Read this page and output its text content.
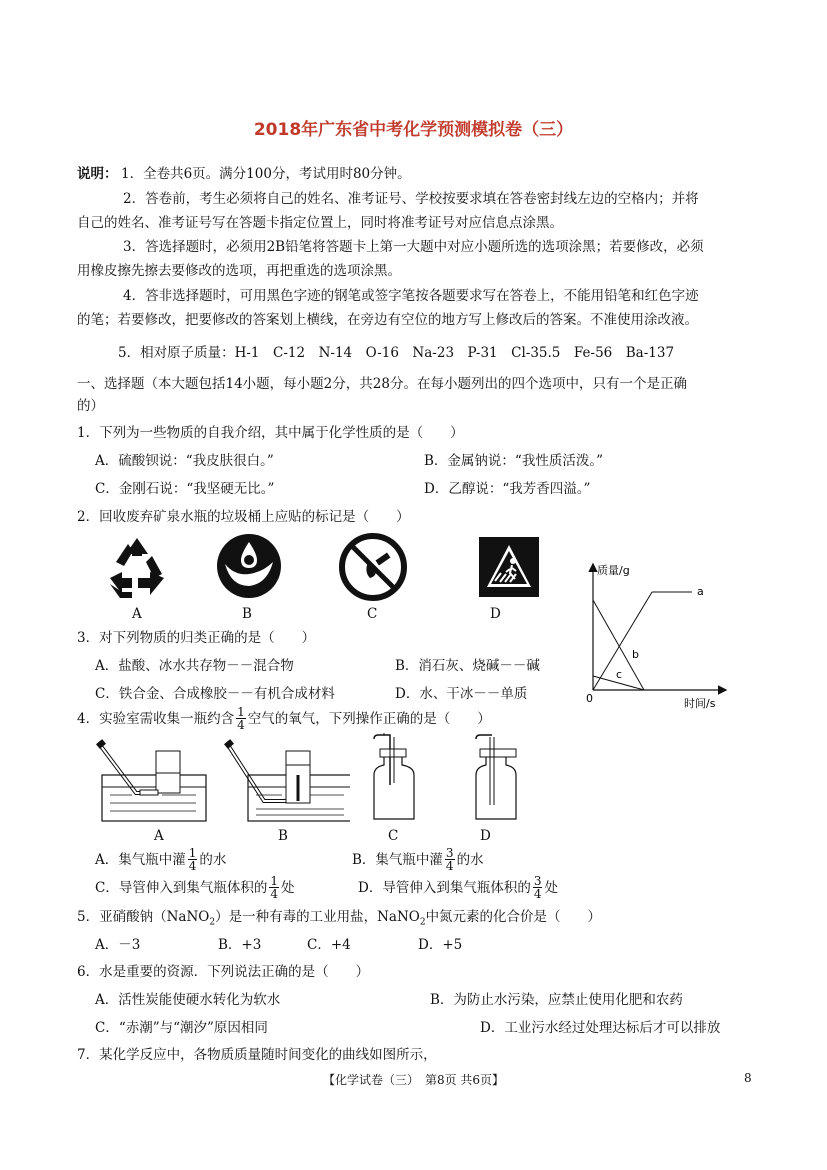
2018年广东省中考化学预测模拟卷（三）
说明： 1．全卷共6页。满分100分，考试用时80分钟。
2．答卷前，考生必须将自己的姓名、准考证号、学校按要求填在答卷密封线左边的空格内；并将
自己的姓名、准考证号写在答题卡指定位置上，同时将准考证号对应信息点涂黑。
3．答选择题时，必须用2B铅笔将答题卡上第一大题中对应小题所选的选项涂黑；若要修改，必须
用橡皮擦先擦去要修改的选项，再把重选的选项涂黑。
4．答非选择题时，可用黑色字迹的钢笔或签字笔按各题要求写在答卷上，不能用铅笔和红色字迹
的笔；若要修改，把要修改的答案划上横线，在旁边有空位的地方写上修改后的答案。不准使用涂改液。
5．相对原子质量：H-1　C-12　N-14　O-16　Na-23　P-31　Cl-35.5　Fe-56　Ba-137
一、选择题（本大题包括14小题，每小题2分，共28分。在每小题列出的四个选项中，只有一个是正确
的）
1．下列为一些物质的自我介绍，其中属于化学性质的是（　　）
A．硫酸钡说：“我皮肤很白。”	B．金属钠说：“我性质活泼。”
C．金刚石说：“我坚硬无比。”	D．乙醇说：“我芳香四溢。”
2．回收废弃矿泉水瓶的垃圾桶上应贴的标记是（　　）
A	B	C	D
质量/g
时间/s
0
a
b
c
3．对下列物质的归类正确的是（　　）
A．盐酸、冰水共存物－－混合物	B．消石灰、烧碱－－碱
C．铁合金、合成橡胶－－有机合成材料	D．水、干冰－－单质
4．实验室需收集一瓶约含 $\frac{1}{4}$ 空气的氧气，下列操作正确的是（　　）
A	B	C	D
A．集气瓶中灌 $\frac{1}{4}$ 的水	B．集气瓶中灌 $\frac{3}{4}$ 的水
C．导管伸入到集气瓶体积的 $\frac{1}{4}$ 处	D．导管伸入到集气瓶体积的 $\frac{3}{4}$ 处
5．亚硝酸钠（NaNO$_2$）是一种有毒的工业用盐，NaNO$_2$中氮元素的化合价是（　　）
A．－3	B．+3	C．+4	D．+5
6．水是重要的资源．下列说法正确的是（　　）
A．活性炭能使硬水转化为软水	B．为防止水污染，应禁止使用化肥和农药
C．“赤潮”与“潮汐”原因相同	D．工业污水经过处理达标后才可以排放
7．某化学反应中，各物质质量随时间变化的曲线如图所示，
【化学试卷（三）　第8页 共6页】	8
